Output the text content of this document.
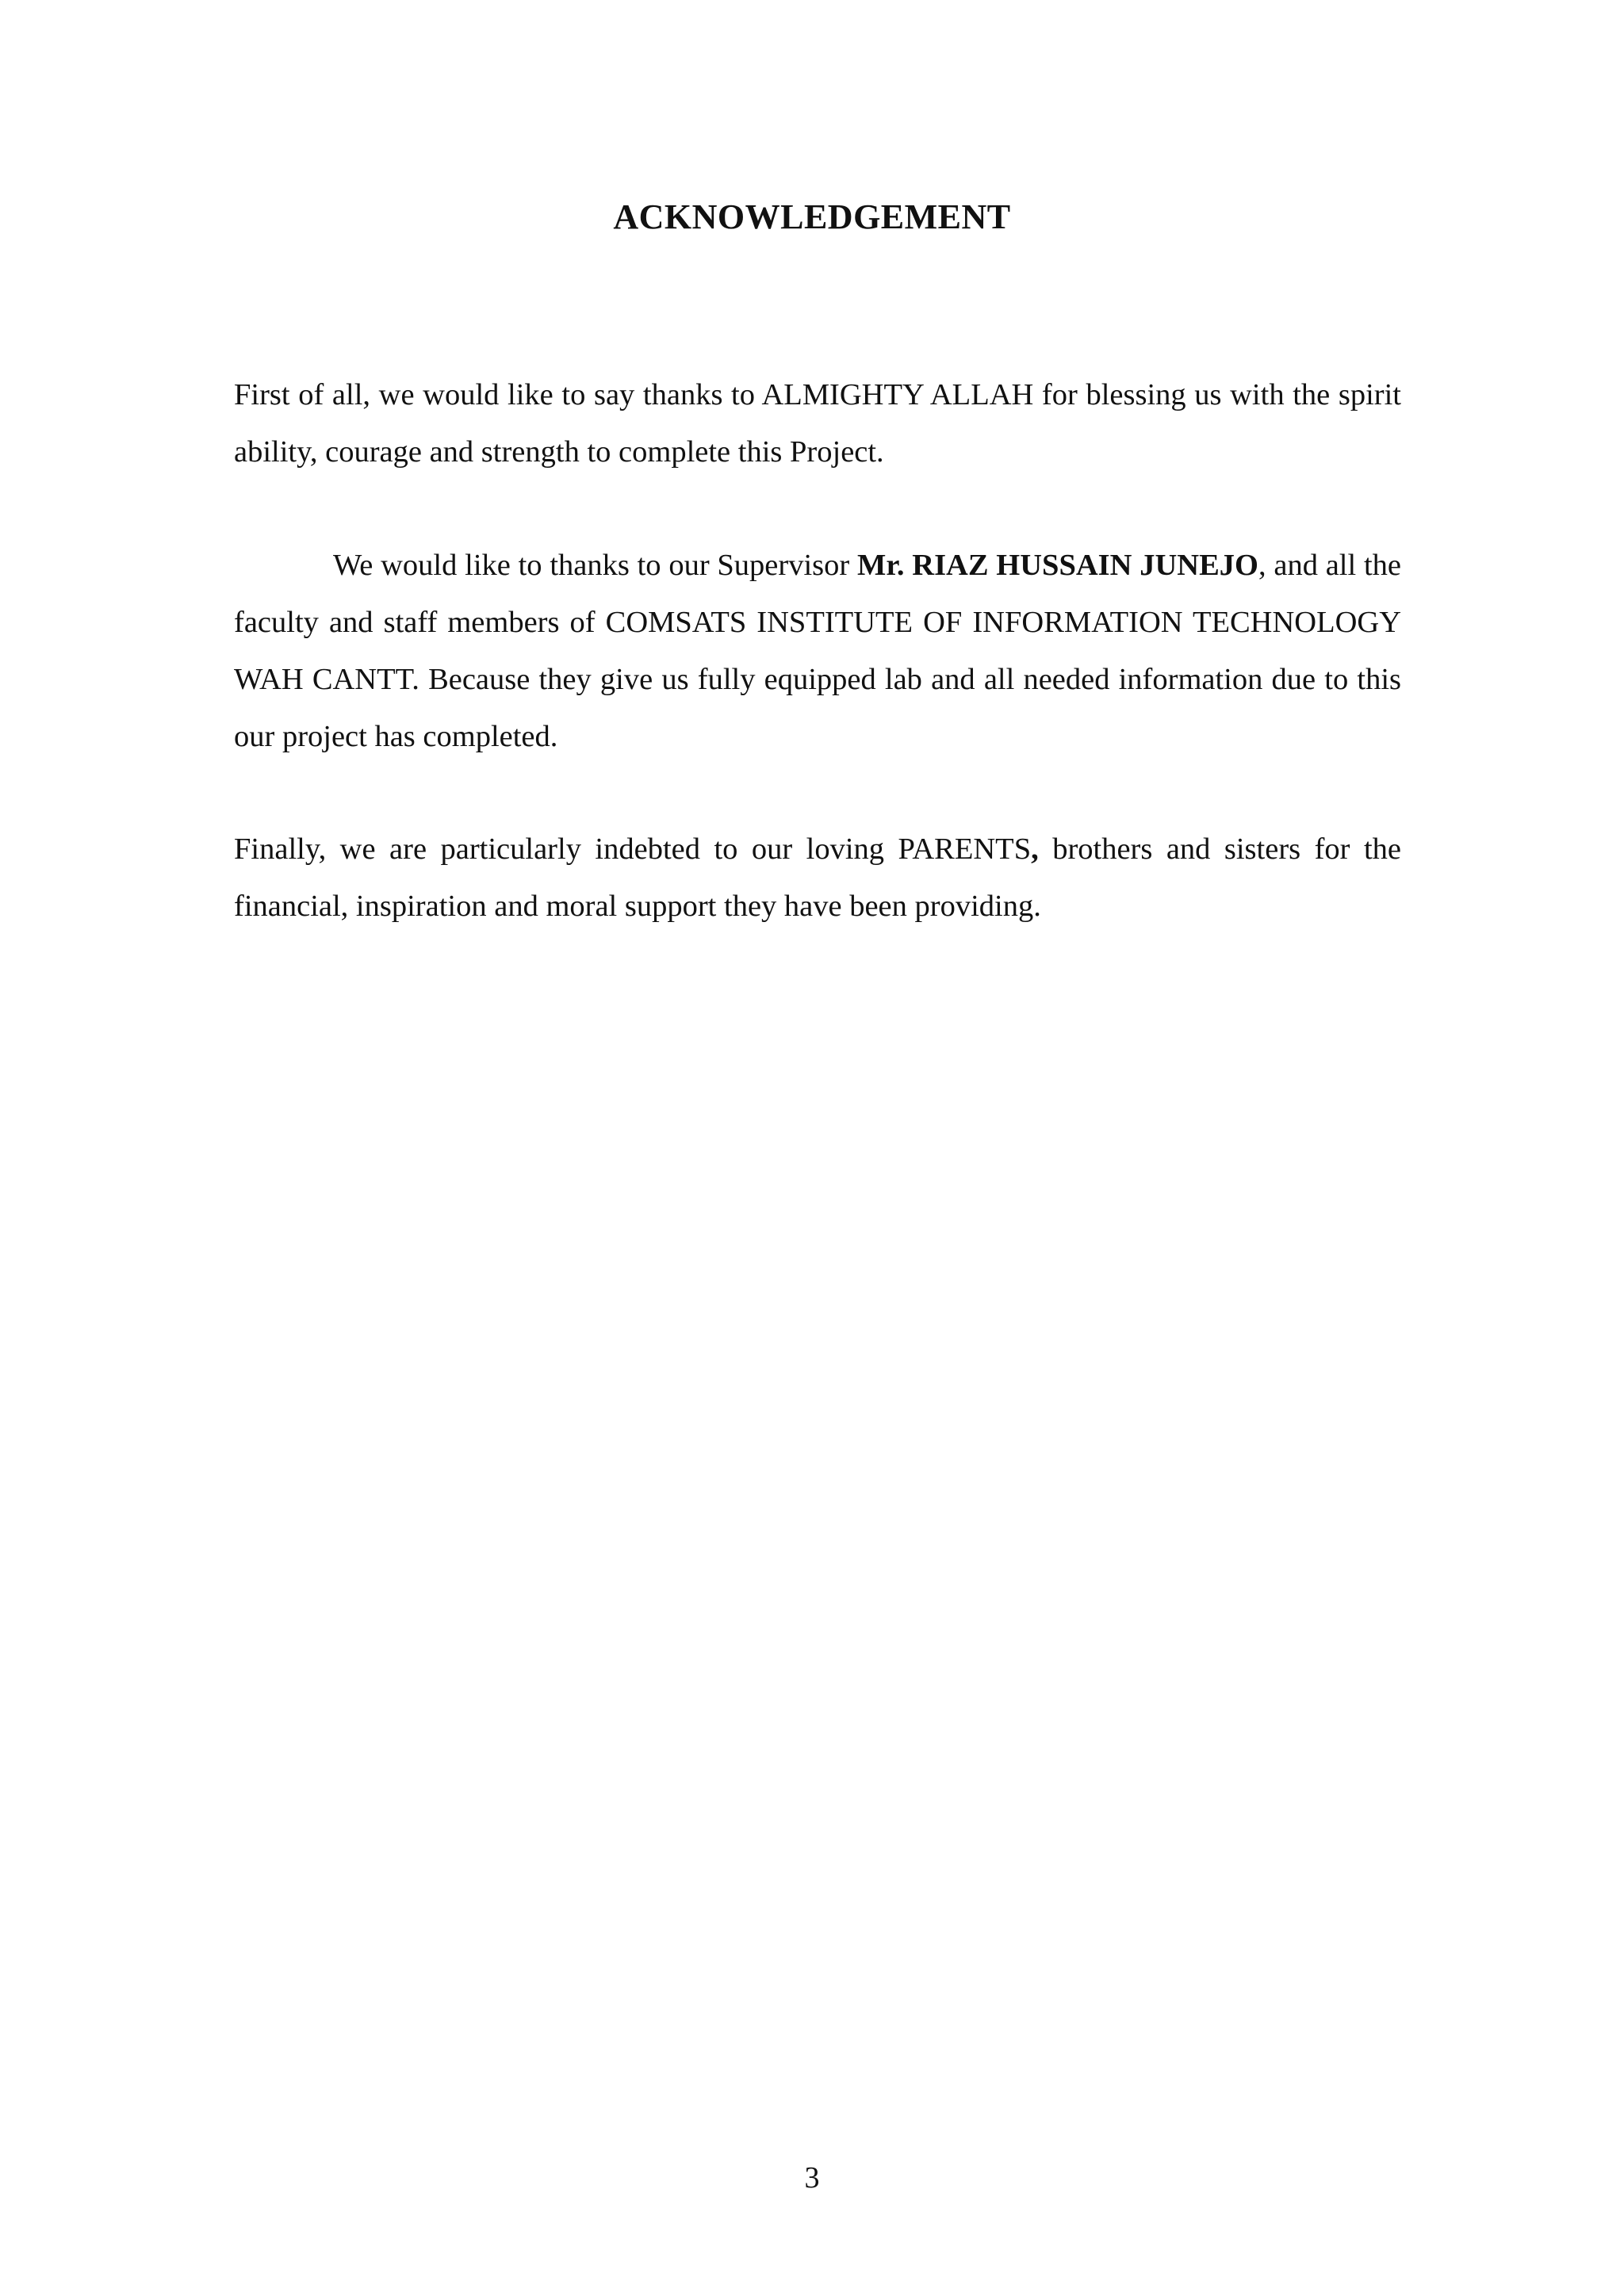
ACKNOWLEDGEMENT

First of all, we would like to say thanks to ALMIGHTY ALLAH for blessing us with the spirit ability, courage and strength to complete this Project.

We would like to thanks to our Supervisor Mr. RIAZ HUSSAIN JUNEJO, and all the faculty and staff members of COMSATS INSTITUTE OF INFORMATION TECHNOLOGY WAH CANTT. Because they give us fully equipped lab and all needed information due to this our project has completed.

Finally, we are particularly indebted to our loving PARENTS, brothers and sisters for the financial, inspiration and moral support they have been providing.

3
